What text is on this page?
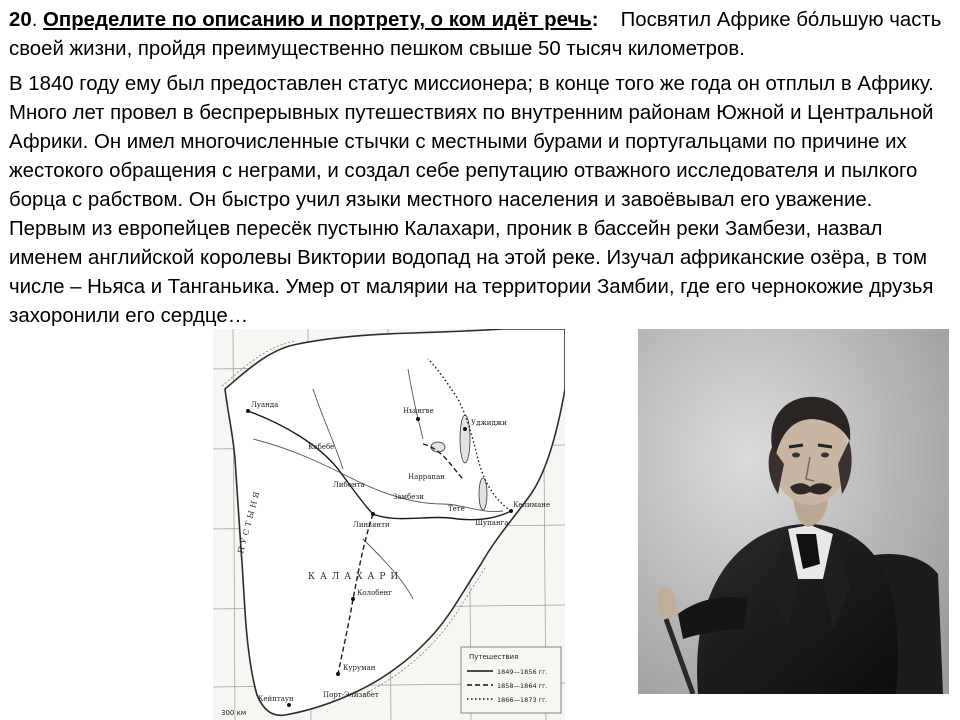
20. Определите по описанию и портрету, о ком идёт речь: Посвятил Африке бо́льшую часть своей жизни, пройдя преимущественно пешком свыше 50 тысяч километров.

В 1840 году ему был предоставлен статус миссионера; в конце того же года он отплыл в Африку. Много лет провел в беспрерывных путешествиях по внутренним районам Южной и Центральной Африки. Он имел многочисленные стычки с местными бурами и португальцами по причине их жестокого обращения с неграми, и создал себе репутацию отважного исследователя и пылкого борца с рабством. Он быстро учил языки местного населения и завоёвывал его уважение. Первым из европейцев пересёк пустыню Калахари, проник в бассейн реки Замбези, назвал именем английской королевы Виктории водопад на этой реке. Изучал африканские озёра, в том числе – Ньяса и Танганьика. Умер от малярии на территории Замбии, где его чернокожие друзья захоронили его сердце…

Луанда
Ньянгве
Уджиджи
Кабебе
Либонта
Линьянти	Шупанга
Келимане
Тете
Колобенг
Куруман
Кейптаун	Порт-Элизабет
Наррапан
Замбези
КАЛАХАРИ
ПУСТЫНЯ
Путешествия
1849—1856 гг.
1858—1864 гг.
1866—1873 гг.
300 км
